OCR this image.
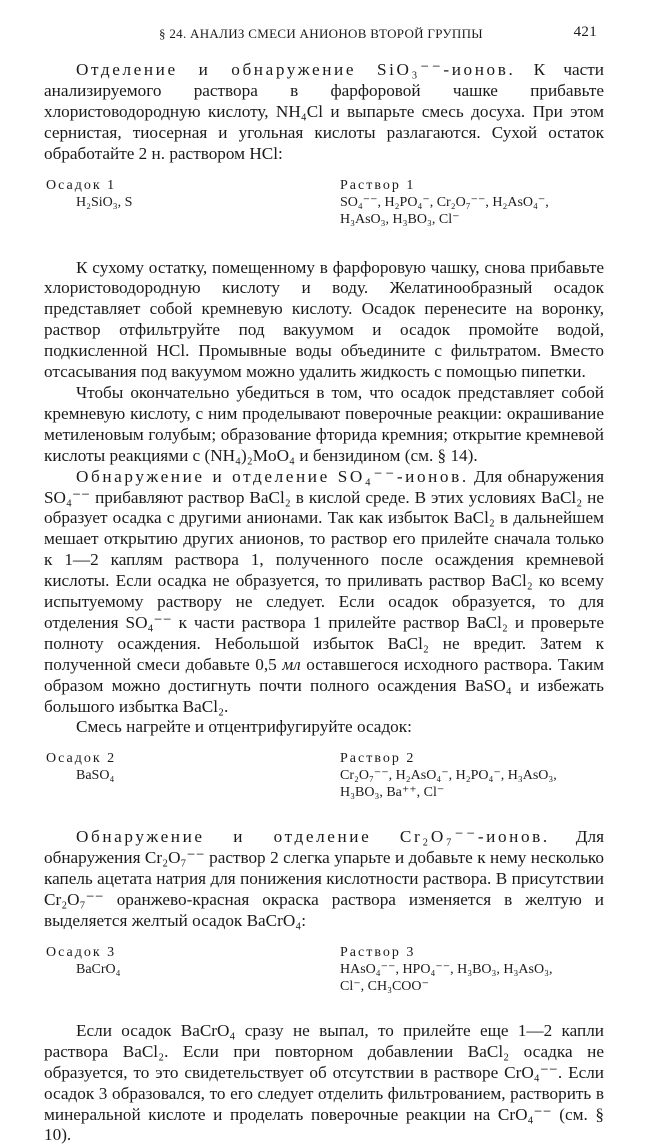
§ 24. АНАЛИЗ СМЕСИ АНИОНОВ ВТОРОЙ ГРУППЫ	421

Отделение и обнаружение SiO₃⁻⁻-ионов. К части анализируемого раствора в фарфоровой чашке прибавьте хлористоводородную кислоту, NH₄Cl и выпарьте смесь досуха. При этом сернистая, тиосерная и угольная кислоты разлагаются. Сухой остаток обработайте 2 н. раствором HCl:

Осадок 1

H₂SiO₃, S
Раствор 1

SO₄⁻⁻, H₂PO₄⁻, Cr₂O₇⁻⁻, H₂AsO₄⁻,
H₃AsO₃, H₃BO₃, Cl⁻

К сухому остатку, помещенному в фарфоровую чашку, снова прибавьте хлористоводородную кислоту и воду. Желатинообразный осадок представляет собой кремневую кислоту. Осадок перенесите на воронку, раствор отфильтруйте под вакуумом и осадок промойте водой, подкисленной HCl. Промывные воды объедините с фильтратом. Вместо отсасывания под вакуумом можно удалить жидкость с помощью пипетки.

Чтобы окончательно убедиться в том, что осадок представляет собой кремневую кислоту, с ним проделывают поверочные реакции: окрашивание метиленовым голубым; образование фторида кремния; открытие кремневой кислоты реакциями с (NH₄)₂MoO₄ и бензидином (см. § 14).

Обнаружение и отделение SO₄⁻⁻-ионов. Для обнаружения SO₄⁻⁻ прибавляют раствор BaCl₂ в кислой среде. В этих условиях BaCl₂ не образует осадка с другими анионами. Так как избыток BaCl₂ в дальнейшем мешает открытию других анионов, то раствор его прилейте сначала только к 1—2 каплям раствора 1, полученного после осаждения кремневой кислоты. Если осадка не образуется, то приливать раствор BaCl₂ ко всему испытуемому раствору не следует. Если осадок образуется, то для отделения SO₄⁻⁻ к части раствора 1 прилейте раствор BaCl₂ и проверьте полноту осаждения. Небольшой избыток BaCl₂ не вредит. Затем к полученной смеси добавьте 0,5 мл оставшегося исходного раствора. Таким образом можно достигнуть почти полного осаждения BaSO₄ и избежать большого избытка BaCl₂.

Смесь нагрейте и отцентрифугируйте осадок:

Осадок 2

BaSO₄
Раствор 2

Cr₂O₇⁻⁻, H₂AsO₄⁻, H₂PO₄⁻, H₃AsO₃,
H₃BO₃, Ba⁺⁺, Cl⁻

Обнаружение и отделение Cr₂O₇⁻⁻-ионов. Для обнаружения Cr₂O₇⁻⁻ раствор 2 слегка упарьте и добавьте к нему несколько капель ацетата натрия для понижения кислотности раствора. В присутствии Cr₂O₇⁻⁻ оранжево-красная окраска раствора изменяется в желтую и выделяется желтый осадок BaCrO₄:

Осадок 3

BaCrO₄
Раствор 3

HAsO₄⁻⁻, HPO₄⁻⁻, H₃BO₃, H₃AsO₃,
Cl⁻, CH₃COO⁻

Если осадок BaCrO₄ сразу не выпал, то прилейте еще 1—2 капли раствора BaCl₂. Если при повторном добавлении BaCl₂ осадка не образуется, то это свидетельствует об отсутствии в растворе CrO₄⁻⁻. Если осадок 3 образовался, то его следует отделить фильтрованием, растворить в минеральной кислоте и проделать поверочные реакции на CrO₄⁻⁻ (см. § 10).
